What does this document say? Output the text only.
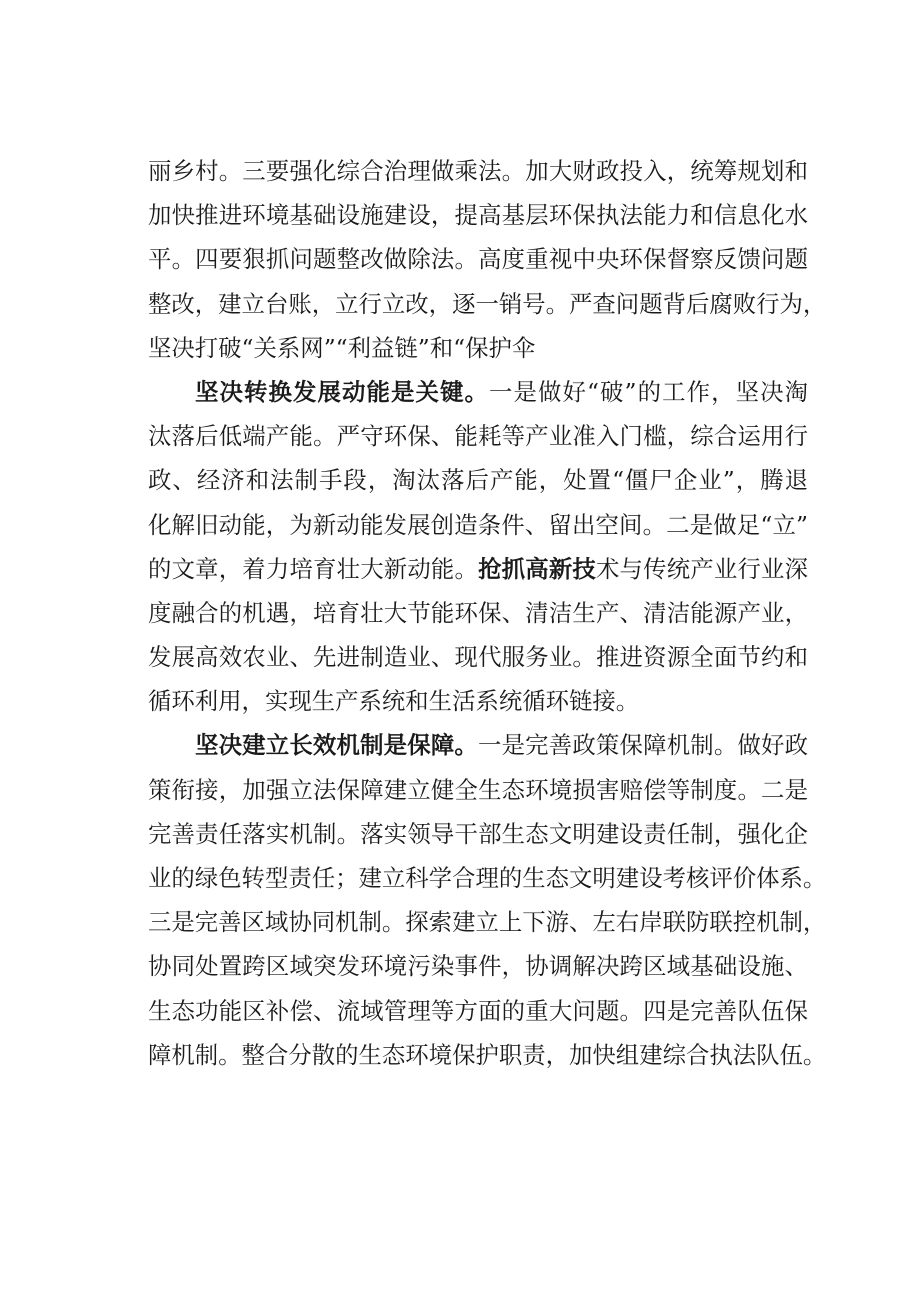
丽乡村。三要强化综合治理做乘法。加大财政投入，统筹规划和
加快推进环境基础设施建设，提高基层环保执法能力和信息化水
平。四要狠抓问题整改做除法。高度重视中央环保督察反馈问题
整改，建立台账，立行立改，逐一销号。严查问题背后腐败行为，
坚决打破“关系网”“利益链”和“保护伞
坚决转换发展动能是关键。一是做好“破”的工作，坚决淘
汰落后低端产能。严守环保、能耗等产业准入门槛，综合运用行
政、经济和法制手段，淘汰落后产能，处置“僵尸企业”，腾退
化解旧动能，为新动能发展创造条件、留出空间。二是做足“立”
的文章，着力培育壮大新动能。抢抓高新技术与传统产业行业深
度融合的机遇，培育壮大节能环保、清洁生产、清洁能源产业，
发展高效农业、先进制造业、现代服务业。推进资源全面节约和
循环利用，实现生产系统和生活系统循环链接。
坚决建立长效机制是保障。一是完善政策保障机制。做好政
策衔接，加强立法保障建立健全生态环境损害赔偿等制度。二是
完善责任落实机制。落实领导干部生态文明建设责任制，强化企
业的绿色转型责任；建立科学合理的生态文明建设考核评价体系。
三是完善区域协同机制。探索建立上下游、左右岸联防联控机制，
协同处置跨区域突发环境污染事件，协调解决跨区域基础设施、
生态功能区补偿、流域管理等方面的重大问题。四是完善队伍保
障机制。整合分散的生态环境保护职责，加快组建综合执法队伍。
